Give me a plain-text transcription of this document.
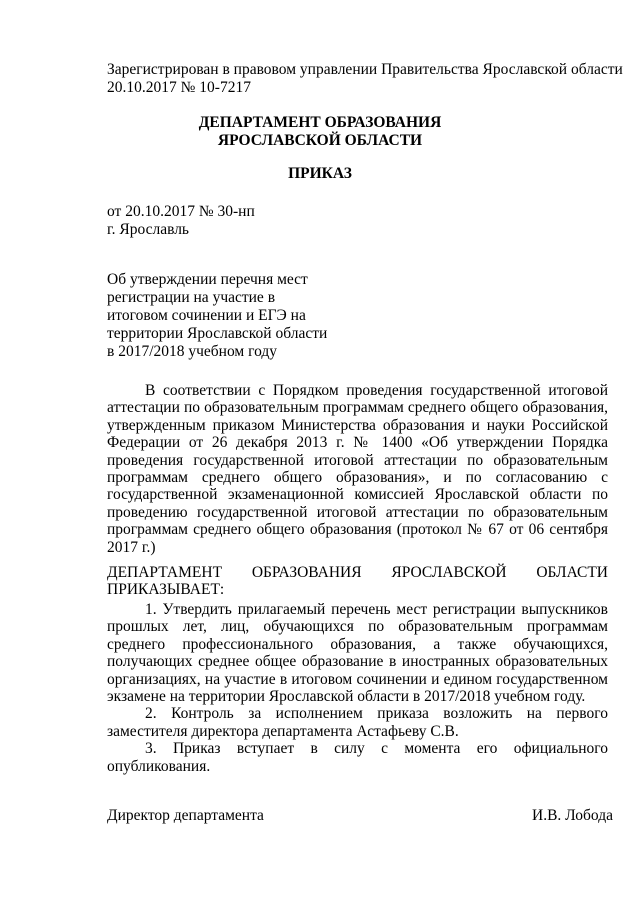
Зарегистрирован в правовом управлении Правительства Ярославской области
20.10.2017 № 10-7217
ДЕПАРТАМЕНТ ОБРАЗОВАНИЯ
ЯРОСЛАВСКОЙ ОБЛАСТИ
ПРИКАЗ
от 20.10.2017 № 30-нп
г. Ярославль
Об утверждении перечня мест
регистрации на участие в
итоговом сочинении и ЕГЭ на
территории Ярославской области
в 2017/2018 учебном году

В соответствии с Порядком проведения государственной итоговой аттестации по образовательным программам среднего общего образования, утвержденным приказом Министерства образования и науки Российской Федерации от 26 декабря 2013 г. № 1400 «Об утверждении Порядка проведения государственной итоговой аттестации по образовательным программам среднего общего образования», и по согласованию с государственной экзаменационной комиссией Ярославской области по проведению государственной итоговой аттестации по образовательным программам среднего общего образования (протокол № 67 от 06 сентября 2017 г.)

ДЕПАРТАМЕНТ ОБРАЗОВАНИЯ ЯРОСЛАВСКОЙ ОБЛАСТИ
ПРИКАЗЫВАЕТ:

1. Утвердить прилагаемый перечень мест регистрации выпускников прошлых лет, лиц, обучающихся по образовательным программам среднего профессионального образования, а также обучающихся, получающих среднее общее образование в иностранных образовательных организациях, на участие в итоговом сочинении и едином государственном экзамене на территории Ярославской области в 2017/2018 учебном году.

2. Контроль за исполнением приказа возложить на первого заместителя директора департамента Астафьеву С.В.

3. Приказ вступает в силу с момента его официального опубликования.

Директор департамента	И.В. Лобода
